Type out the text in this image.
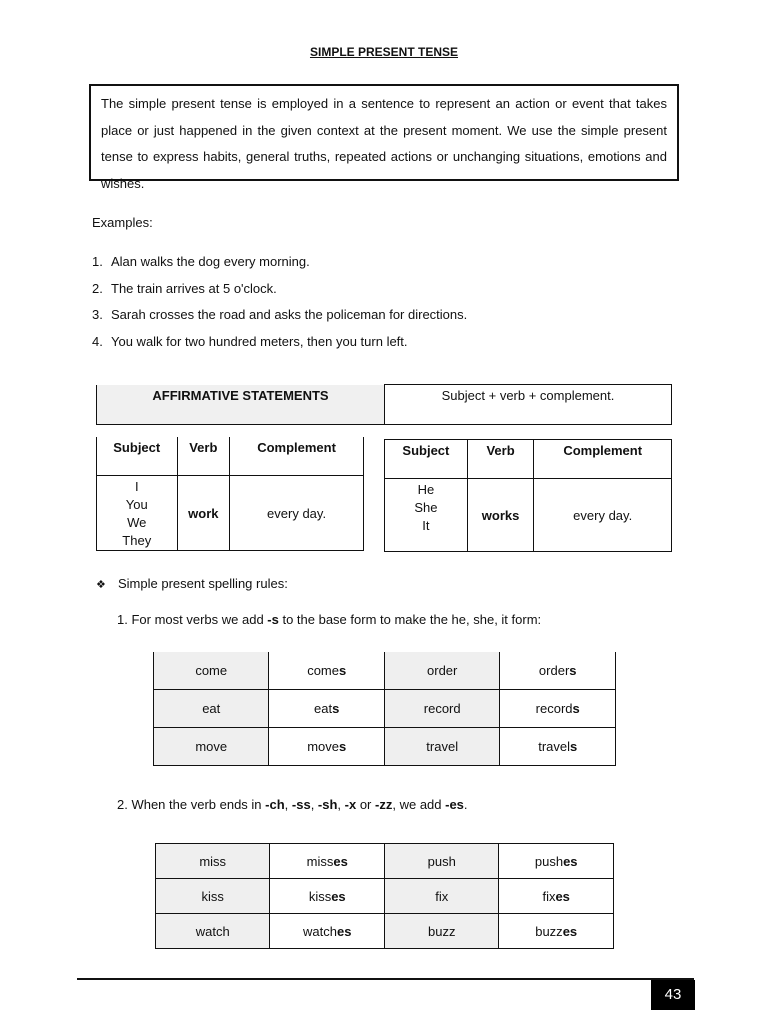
SIMPLE PRESENT TENSE
The simple present tense is employed in a sentence to represent an action or event that takes place or just happened in the given context at the present moment. We use the simple present tense to express habits, general truths, repeated actions or unchanging situations, emotions and wishes.
Examples:
1. Alan walks the dog every morning.
2. The train arrives at 5 o'clock.
3. Sarah crosses the road and asks the policeman for directions.
4. You walk for two hundred meters, then you turn left.
AFFIRMATIVE STATEMENTS	Subject + verb + complement.
Subject	Verb	Complement

I
You
We
They	work	every day.
Subject	Verb	Complement

He
She
It	works	every day.
❖ Simple present spelling rules:
1. For most verbs we add -s to the base form to make the he, she, it form:
come	comes	order	orders
eat	eats	record	records
move	moves	travel	travels
2. When the verb ends in -ch, -ss, -sh, -x or -zz, we add -es.
miss	misses	push	pushes
kiss	kisses	fix	fixes
watch	watches	buzz	buzzes
43
